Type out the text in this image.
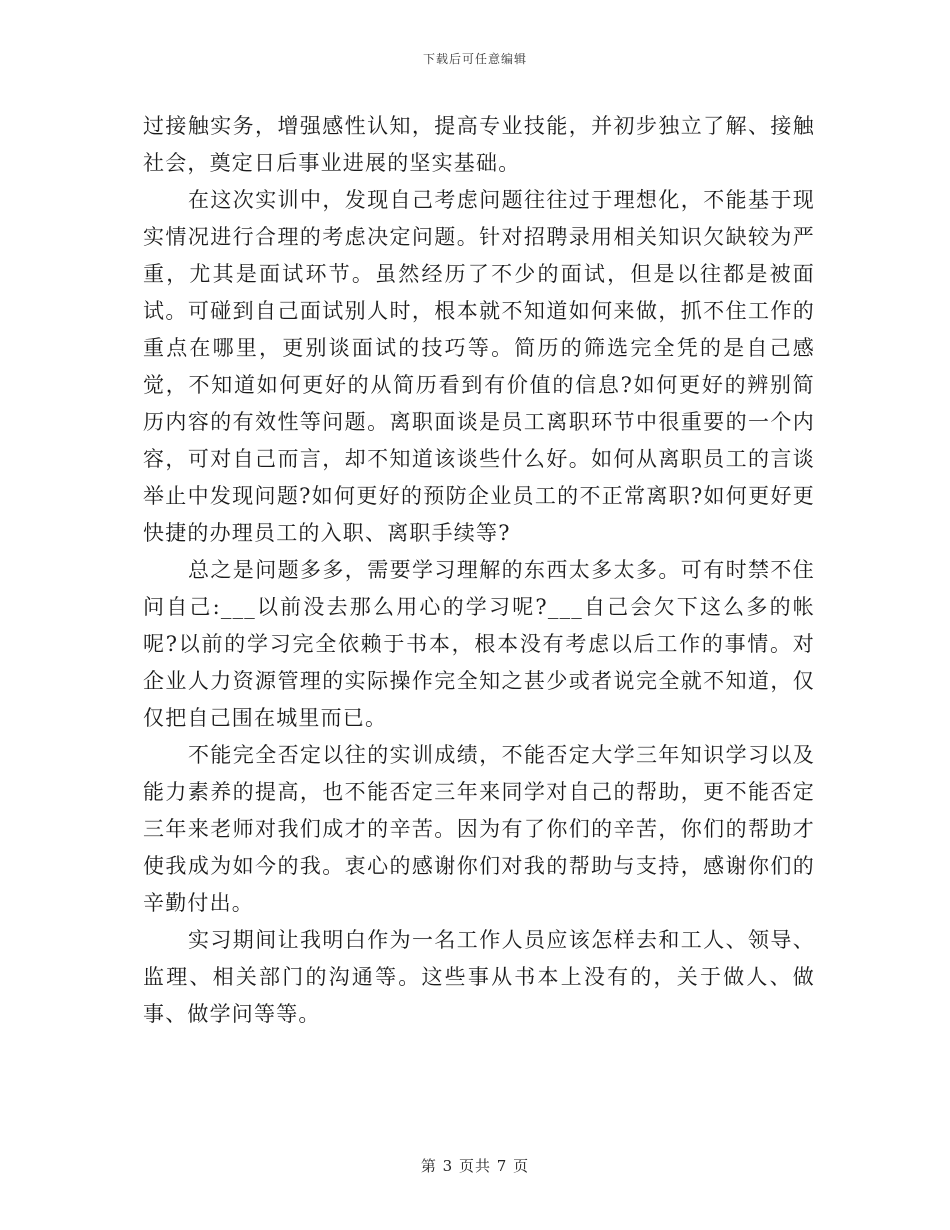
下载后可任意编辑

过接触实务，增强感性认知，提高专业技能，并初步独立了解、接触社会，奠定日后事业进展的坚实基础。

在这次实训中，发现自己考虑问题往往过于理想化，不能基于现实情况进行合理的考虑决定问题。针对招聘录用相关知识欠缺较为严重，尤其是面试环节。虽然经历了不少的面试，但是以往都是被面试。可碰到自己面试别人时，根本就不知道如何来做，抓不住工作的重点在哪里，更别谈面试的技巧等。简历的筛选完全凭的是自己感觉，不知道如何更好的从简历看到有价值的信息?如何更好的辨别简历内容的有效性等问题。离职面谈是员工离职环节中很重要的一个内容，可对自己而言，却不知道该谈些什么好。如何从离职员工的言谈举止中发现问题?如何更好的预防企业员工的不正常离职?如何更好更快捷的办理员工的入职、离职手续等?

总之是问题多多，需要学习理解的东西太多太多。可有时禁不住问自己:___以前没去那么用心的学习呢?___自己会欠下这么多的帐呢?以前的学习完全依赖于书本，根本没有考虑以后工作的事情。对企业人力资源管理的实际操作完全知之甚少或者说完全就不知道，仅仅把自己围在城里而已。

不能完全否定以往的实训成绩，不能否定大学三年知识学习以及能力素养的提高，也不能否定三年来同学对自己的帮助，更不能否定三年来老师对我们成才的辛苦。因为有了你们的辛苦，你们的帮助才使我成为如今的我。衷心的感谢你们对我的帮助与支持，感谢你们的辛勤付出。

实习期间让我明白作为一名工作人员应该怎样去和工人、领导、监理、相关部门的沟通等。这些事从书本上没有的，关于做人、做事、做学问等等。

第 3 页共 7 页
